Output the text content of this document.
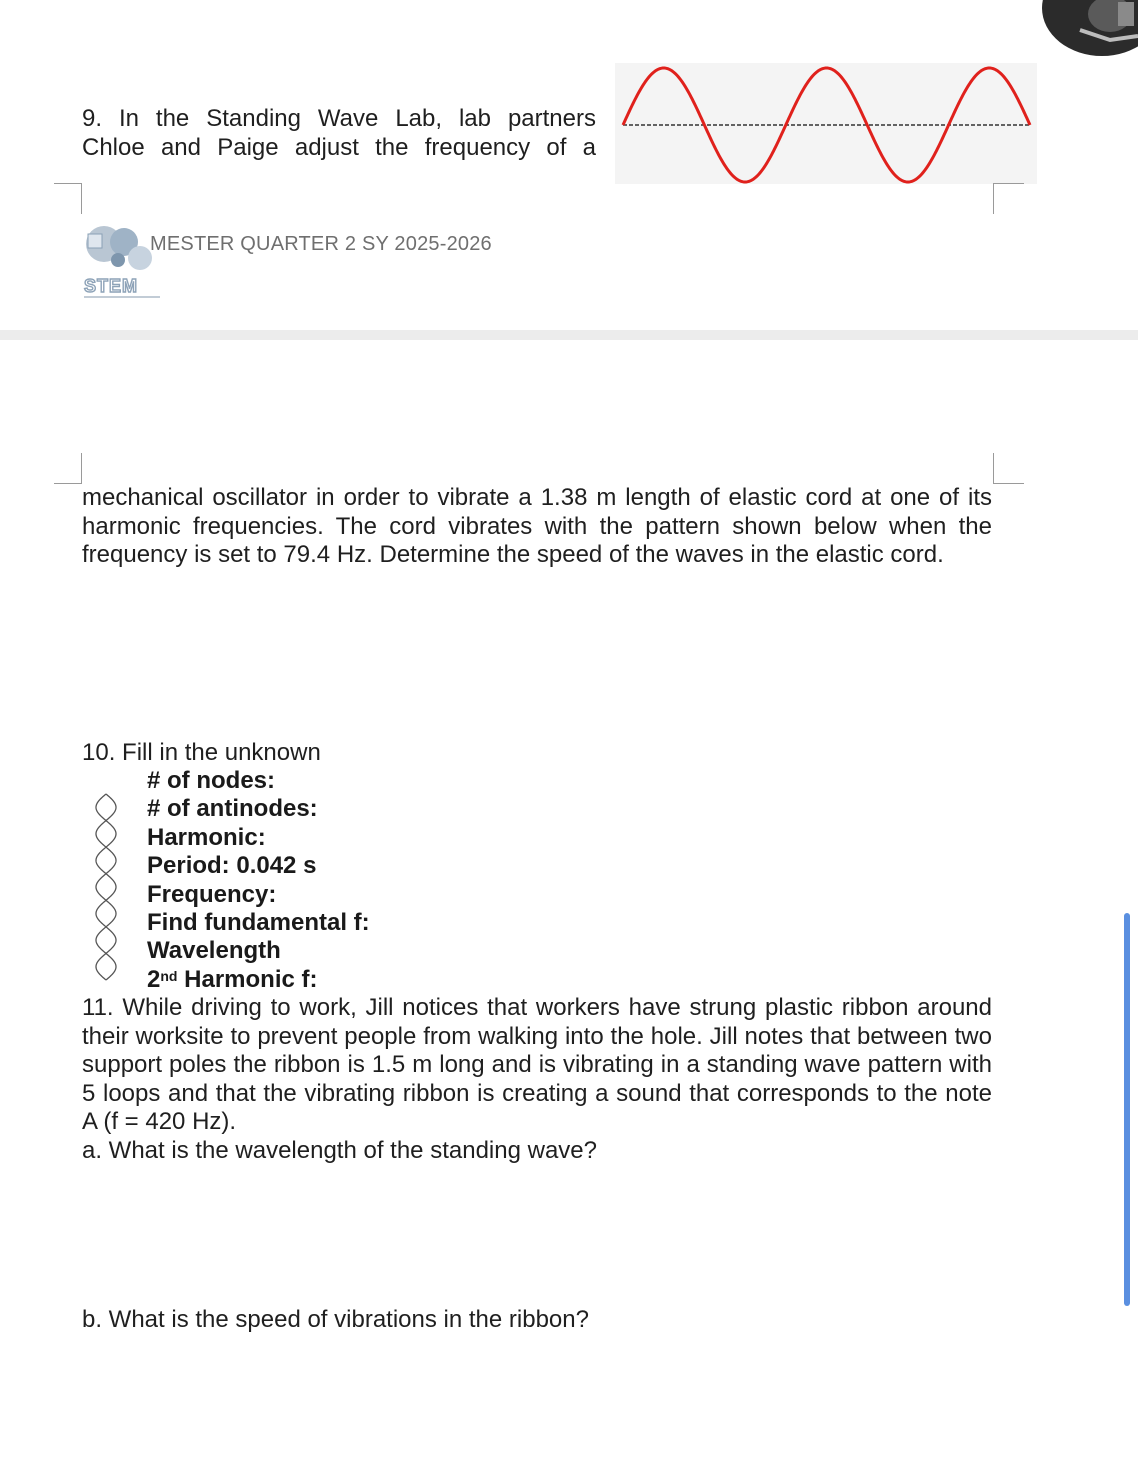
9. In the Standing Wave Lab, lab partners
Chloe and Paige adjust the frequency of a
STEM
MESTER QUARTER 2 SY 2025-2026
mechanical oscillator in order to vibrate a 1.38 m length of elastic cord at one of its harmonic frequencies. The cord vibrates with the pattern shown below when the frequency is set to 79.4 Hz. Determine the speed of the waves in the elastic cord.
10. Fill in the unknown
# of nodes:
# of antinodes:
Harmonic:
Period: 0.042 s
Frequency:
Find fundamental f:
Wavelength
2nd Harmonic f:
11. While driving to work, Jill notices that workers have strung plastic ribbon around their worksite to prevent people from walking into the hole. Jill notes that between two support poles the ribbon is 1.5 m long and is vibrating in a standing wave pattern with 5 loops and that the vibrating ribbon is creating a sound that corresponds to the note A (f = 420 Hz).
a. What is the wavelength of the standing wave?
b. What is the speed of vibrations in the ribbon?
